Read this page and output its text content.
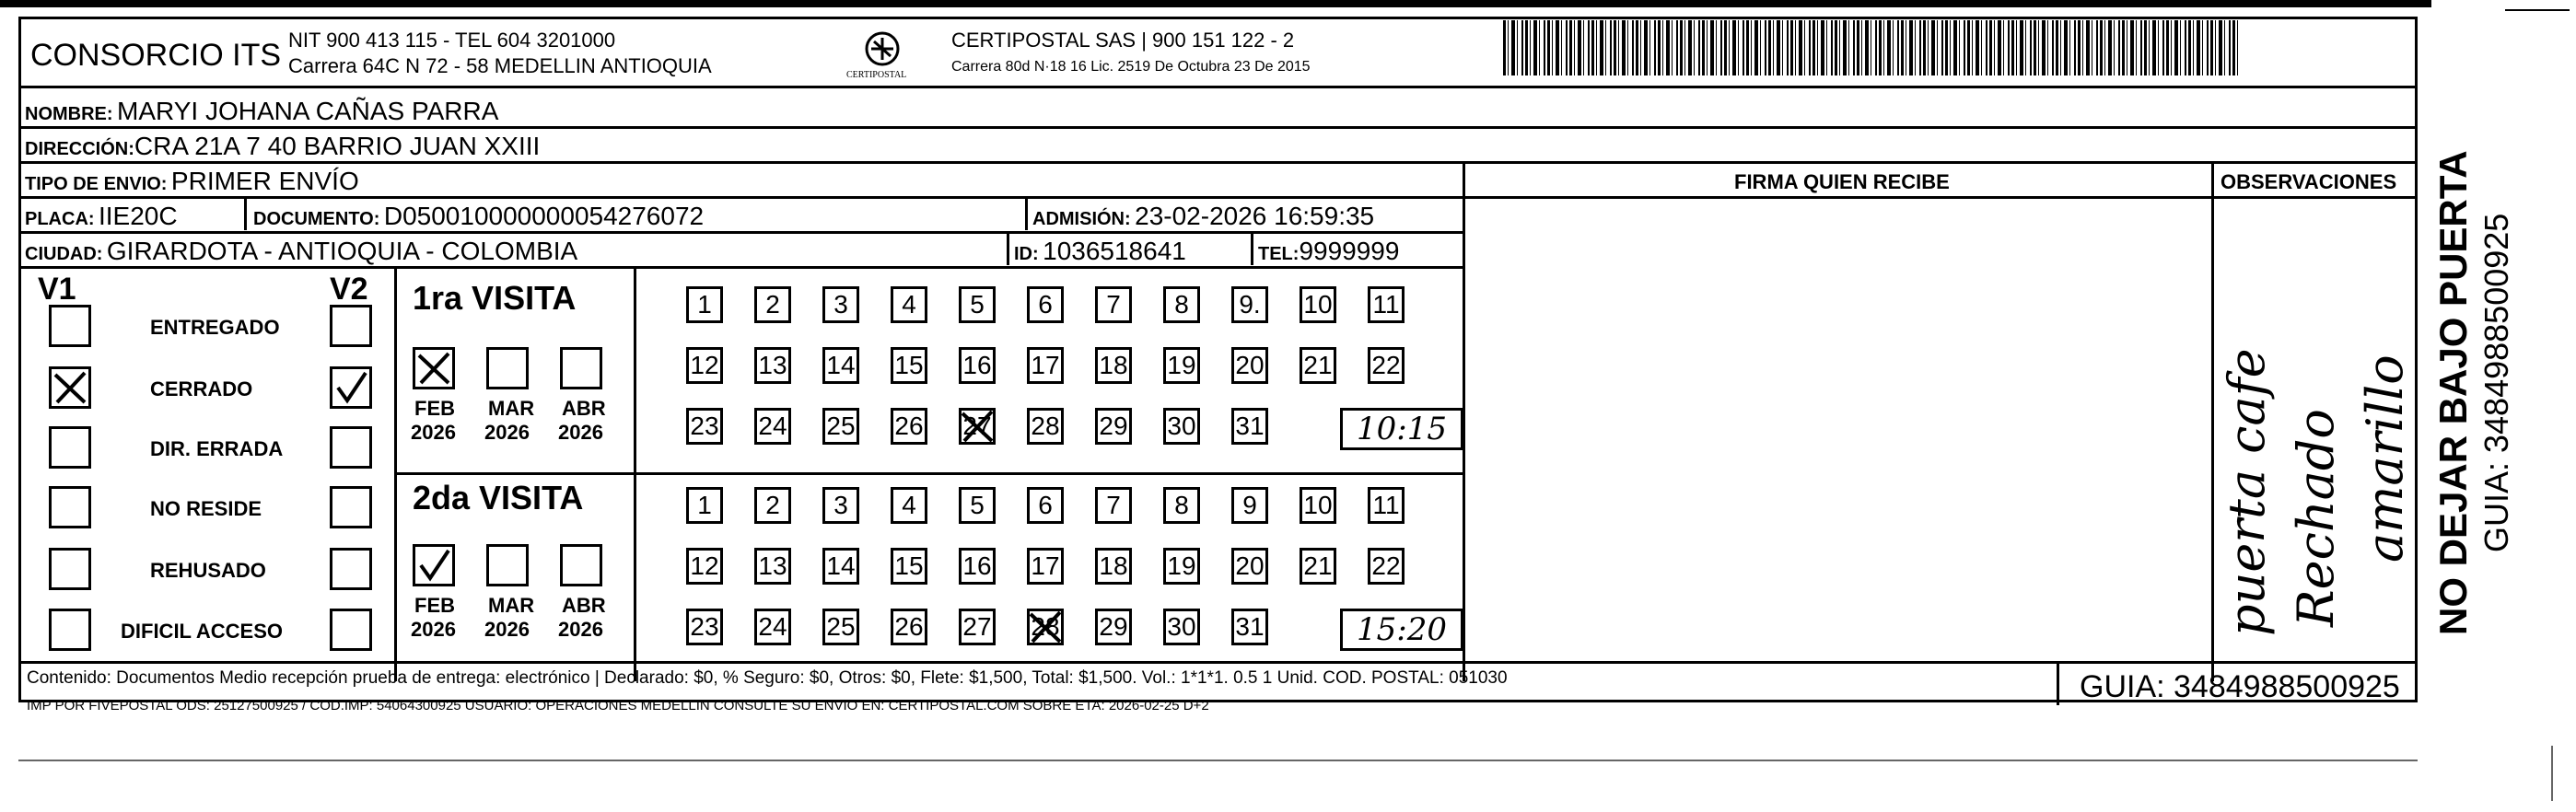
CONSORCIO ITS NIT 900 413 115 - TEL 604 3201000
Carrera 64C N 72 - 58 MEDELLIN ANTIOQUIA	CERTIPOSTAL
CERTIPOSTAL SAS | 900 151 122 - 2
Carrera 80d N·18 16 Lic. 2519 De Octubra 23 De 2015
NOMBRE: MARYI JOHANA CAÑAS PARRA
DIRECCIÓN:CRA 21A 7 40 BARRIO JUAN XXIII
TIPO DE ENVIO: PRIMER ENVÍO
PLACA: IIE20C	DOCUMENTO: D050010000000054276072	ADMISIÓN: 23-02-2026 16:59:35
CIUDAD: GIRARDOTA - ANTIOQUIA - COLOMBIA	ID: 1036518641	TEL:9999999
FIRMA QUIEN RECIBE	OBSERVACIONES
puerta cafe Rechado amarillo
V1	V2
ENTREGADO
CERRADO
DIR. ERRADA
NO RESIDE
REHUSADO
DIFICIL ACCESO
1ra VISITA
FEB
2026
MAR
2026
ABR
2026
1	2	3	4	5	6	7	8	9. 10 11
12 13 14 15 16 17 18 19 20 21 22
23 24 25 26 27 28 29 30 31	10:15
2da VISITA
FEB
2026
MAR
2026
ABR
2026
1	2	3	4	5	6	7	8	9	10 11
12 13 14 15 16 17 18 19 20 21 22
23 24 25 26 27 28 29 30 31	15:20
Contenido: Documentos Medio recepción prueba de entrega: electrónico | Declarado: $0, % Seguro: $0, Otros: $0, Flete: $1,500, Total: $1,500. Vol.: 1*1*1. 0.5 1 Unid. COD. POSTAL: 051030
IMP POR FIVEPOSTAL ODS: 25127500925 / COD.IMP: 54064300925 USUARIO: OPERACIONES MEDELLIN CONSULTE SU ENVIO EN: CERTIPOSTAL.COM SOBRE ETA: 2026-02-25 D+2
GUIA: 3484988500925
NO DEJAR BAJO PUERTA GUIA: 3484988500925
